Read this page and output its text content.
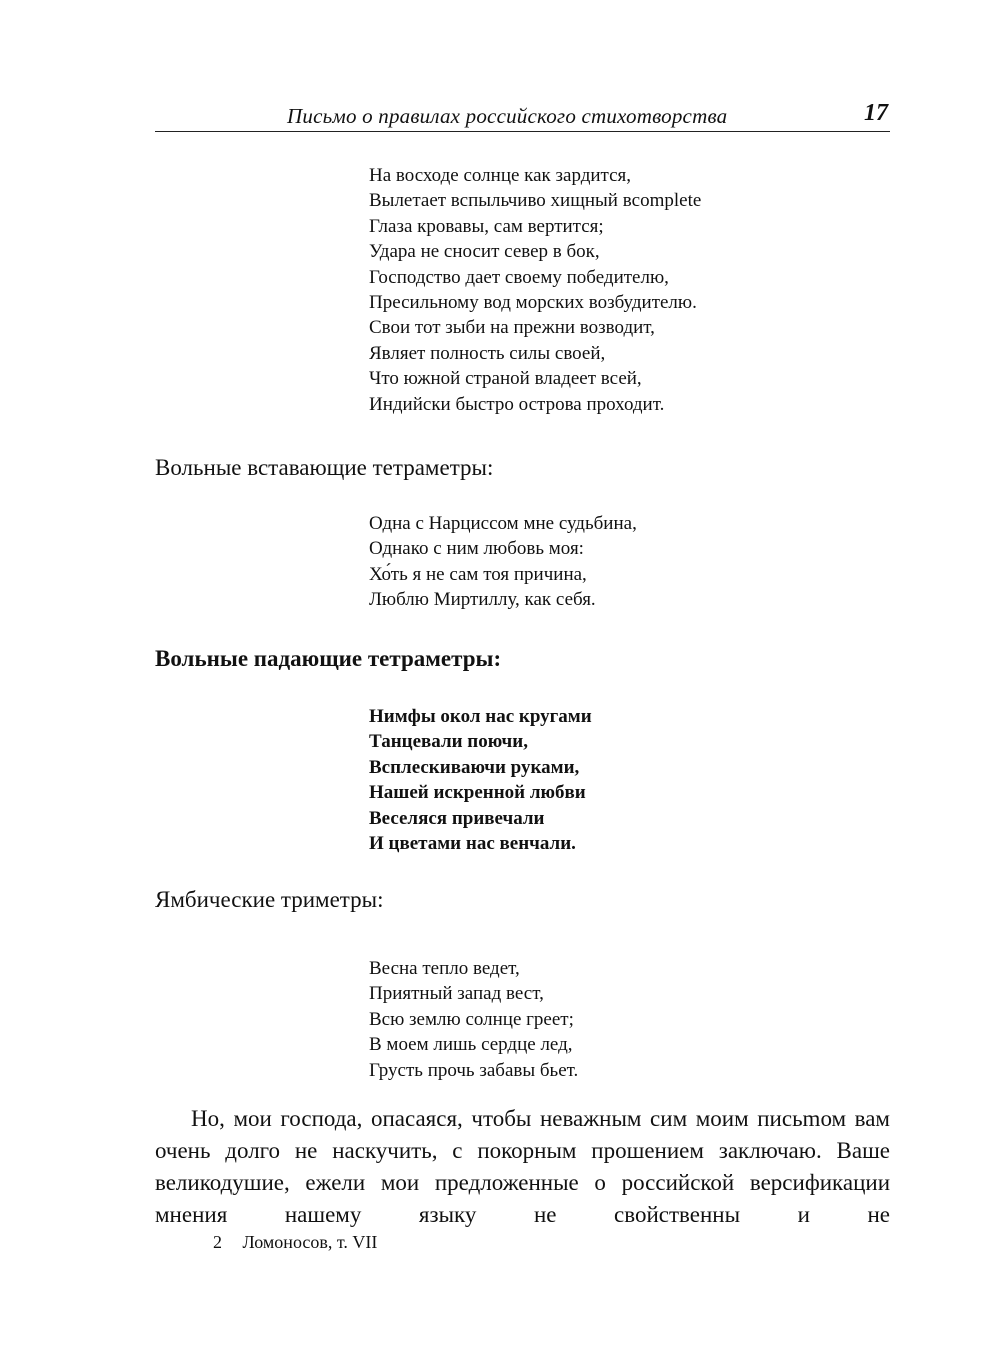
Письмо о правилах российского стихотворства	17
На восходе солнце как зардится,
Вылетает вспыльчиво хищный вcomplete
Глаза кровавы, сам вертится;
Удара не сносит север в бок,
Господство дает своему победителю,
Пресильному вод морских возбудителю.
Свои тот зыби на прежни возводит,
Являет полность силы своей,
Что южной страной владеет всей,
Индийски быстро острова проходит.
Вольные вставающие тетраметры:
Одна с Нарциссом мне судьбина,
Однако с ним любовь моя:
Хо́ть я не сам тоя причина,
Люблю Миртиллу, как себя.
Вольные падающие тетраметры:
Нимфы окол нас кругами
Танцевали поючи,
Всплескиваючи руками,
Нашей искренной любви
Веселяся привечали
И цветами нас венчали.
Ямбические триметры:
Весна тепло ведет,
Приятный запад вест,
Всю землю солнце греет;
В моем лишь сердце лед,
Грусть прочь забавы бьет.

Но, мои господа, опасаяся, чтобы неважным сим моим письmом вам очень долго не наскучить, с покорным прошением заключаю. Ваше великодушие, ежели мои предложенные о российской версификации мнения нашему языку не свойственны и не

2 Ломоносов, т. VII
